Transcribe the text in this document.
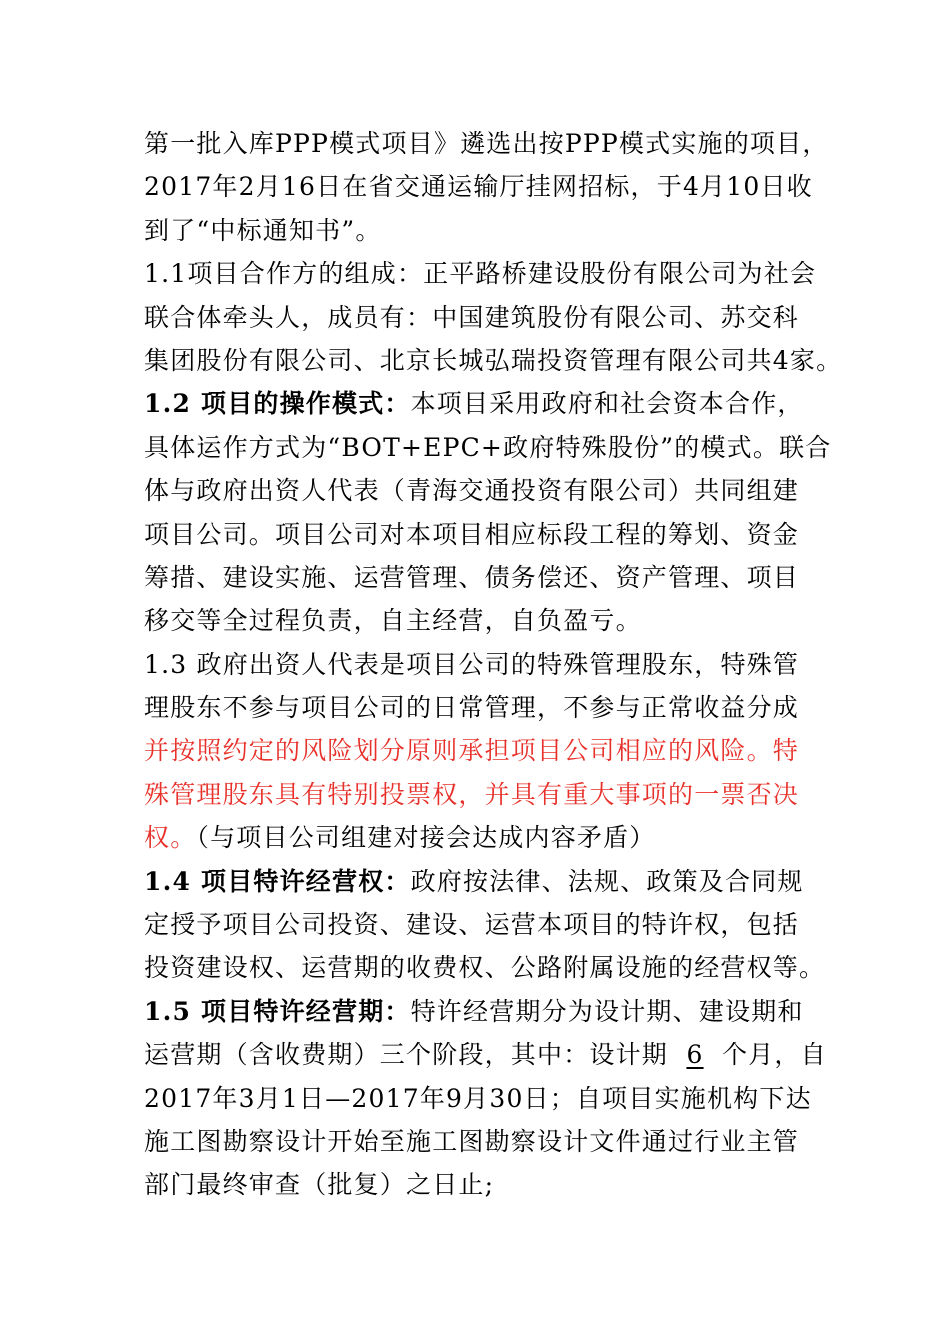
第一批入库PPP模式项目》遴选出按PPP模式实施的项目，
2017年2月16日在省交通运输厅挂网招标，于4月10日收
到了“中标通知书”。
1.1项目合作方的组成：正平路桥建设股份有限公司为社会
联合体牵头人，成员有：中国建筑股份有限公司、苏交科
集团股份有限公司、北京长城弘瑞投资管理有限公司共4家。
1.2 项目的操作模式：本项目采用政府和社会资本合作，
具体运作方式为“BOT+EPC+政府特殊股份”的模式。联合
体与政府出资人代表（青海交通投资有限公司）共同组建
项目公司。项目公司对本项目相应标段工程的筹划、资金
筹措、建设实施、运营管理、债务偿还、资产管理、项目
移交等全过程负责，自主经营，自负盈亏。
1.3 政府出资人代表是项目公司的特殊管理股东，特殊管
理股东不参与项目公司的日常管理，不参与正常收益分成
并按照约定的风险划分原则承担项目公司相应的风险。特
殊管理股东具有特别投票权，并具有重大事项的一票否决
权。（与项目公司组建对接会达成内容矛盾）
1.4 项目特许经营权：政府按法律、法规、政策及合同规
定授予项目公司投资、建设、运营本项目的特许权，包括
投资建设权、运营期的收费权、公路附属设施的经营权等。
1.5 项目特许经营期：特许经营期分为设计期、建设期和
运营期（含收费期）三个阶段，其中：设计期 6 个月，自
2017年3月1日—2017年9月30日；自项目实施机构下达
施工图勘察设计开始至施工图勘察设计文件通过行业主管
部门最终审查（批复）之日止;
